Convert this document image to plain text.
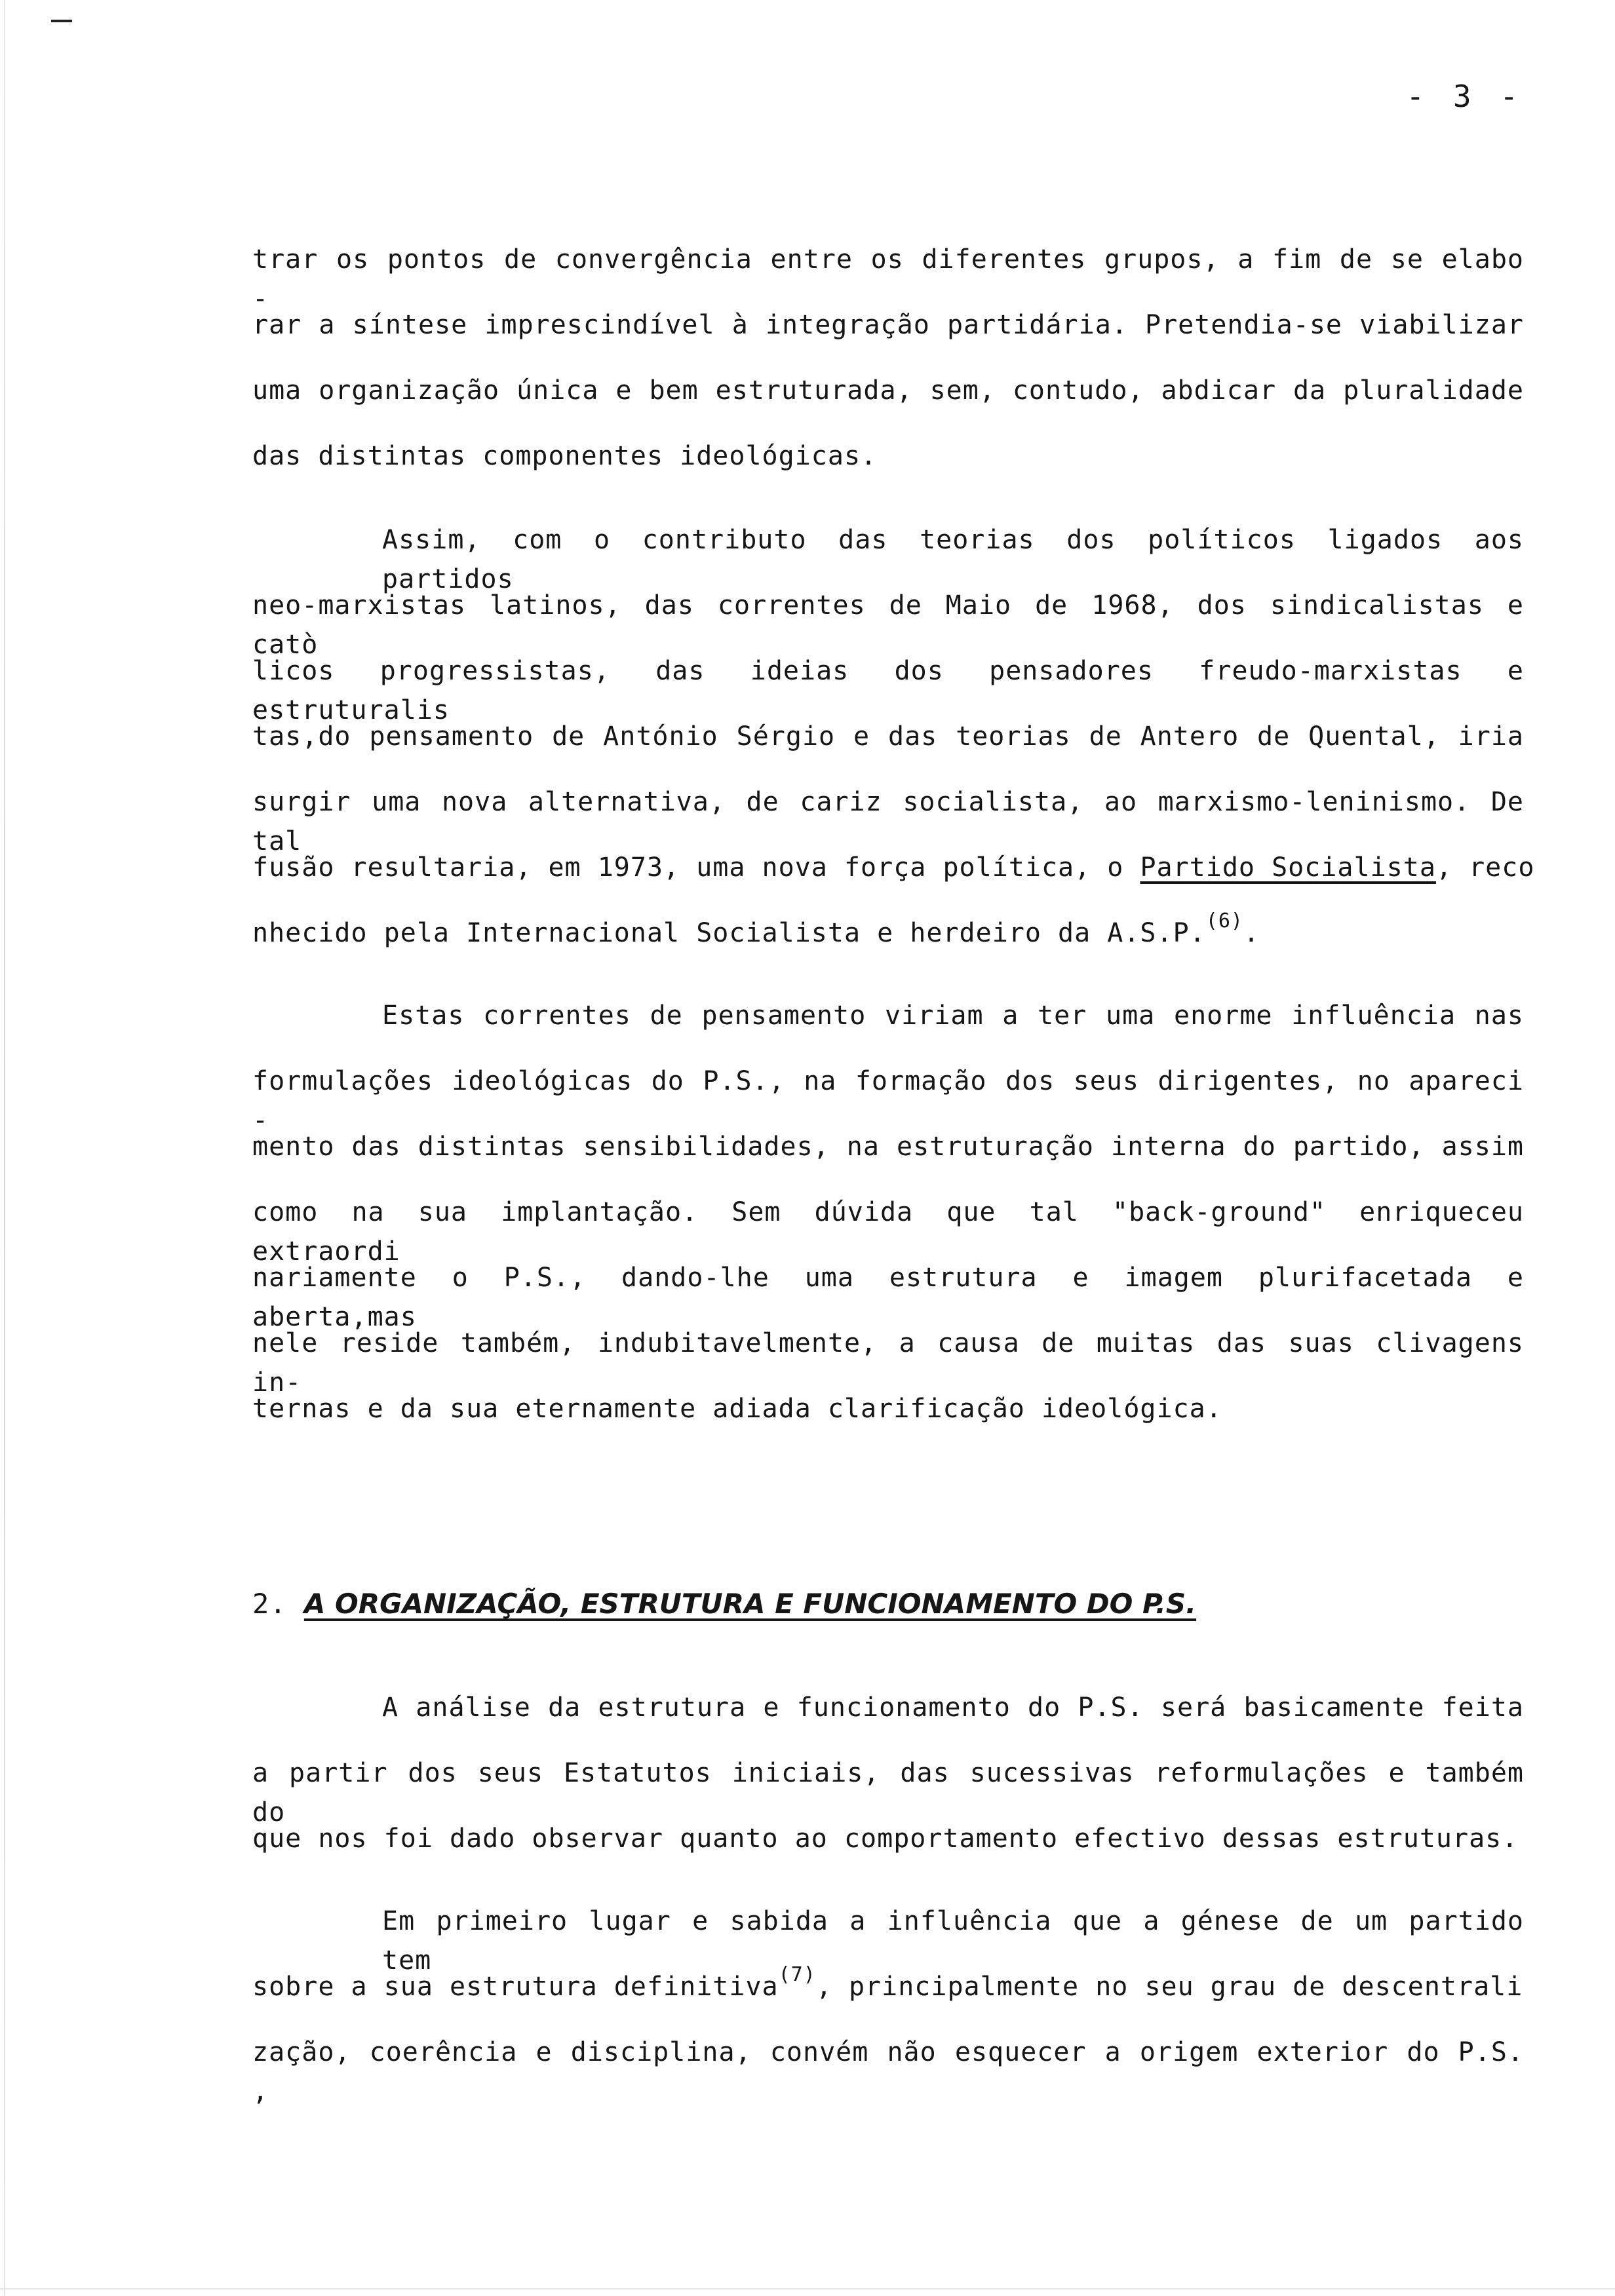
- 3 -
trar os pontos de convergência entre os diferentes grupos, a fim de se elabo -
rar a síntese imprescindível à integração partidária. Pretendia-se viabilizar
uma organização única e bem estruturada, sem, contudo, abdicar da pluralidade
das distintas componentes ideológicas.
Assim, com o contributo das teorias dos políticos ligados aos partidos
neo-marxistas latinos, das correntes de Maio de 1968, dos sindicalistas e catò
licos progressistas, das ideias dos pensadores freudo-marxistas e estruturalis
tas,do pensamento de António Sérgio e das teorias de Antero de Quental, iria
surgir uma nova alternativa, de cariz socialista, ao marxismo-leninismo. De tal
fusão resultaria, em 1973, uma nova força política, o Partido Socialista, reco
nhecido pela Internacional Socialista e herdeiro da A.S.P.$^{(6)}$.
Estas correntes de pensamento viriam a ter uma enorme influência nas
formulações ideológicas do P.S., na formação dos seus dirigentes, no apareci -
mento das distintas sensibilidades, na estruturação interna do partido, assim
como na sua implantação. Sem dúvida que tal "back-ground" enriqueceu extraordi
nariamente o P.S., dando-lhe uma estrutura e imagem plurifacetada e aberta,mas
nele reside também, indubitavelmente, a causa de muitas das suas clivagens in-
ternas e da sua eternamente adiada clarificação ideológica.
2. A ORGANIZAÇÃO, ESTRUTURA E FUNCIONAMENTO DO P.S.
A análise da estrutura e funcionamento do P.S. será basicamente feita
a partir dos seus Estatutos iniciais, das sucessivas reformulações e também do
que nos foi dado observar quanto ao comportamento efectivo dessas estruturas.
Em primeiro lugar e sabida a influência que a génese de um partido tem
sobre a sua estrutura definitiva$^{(7)}$, principalmente no seu grau de descentrali
zação, coerência e disciplina, convém não esquecer a origem exterior do P.S. ,
